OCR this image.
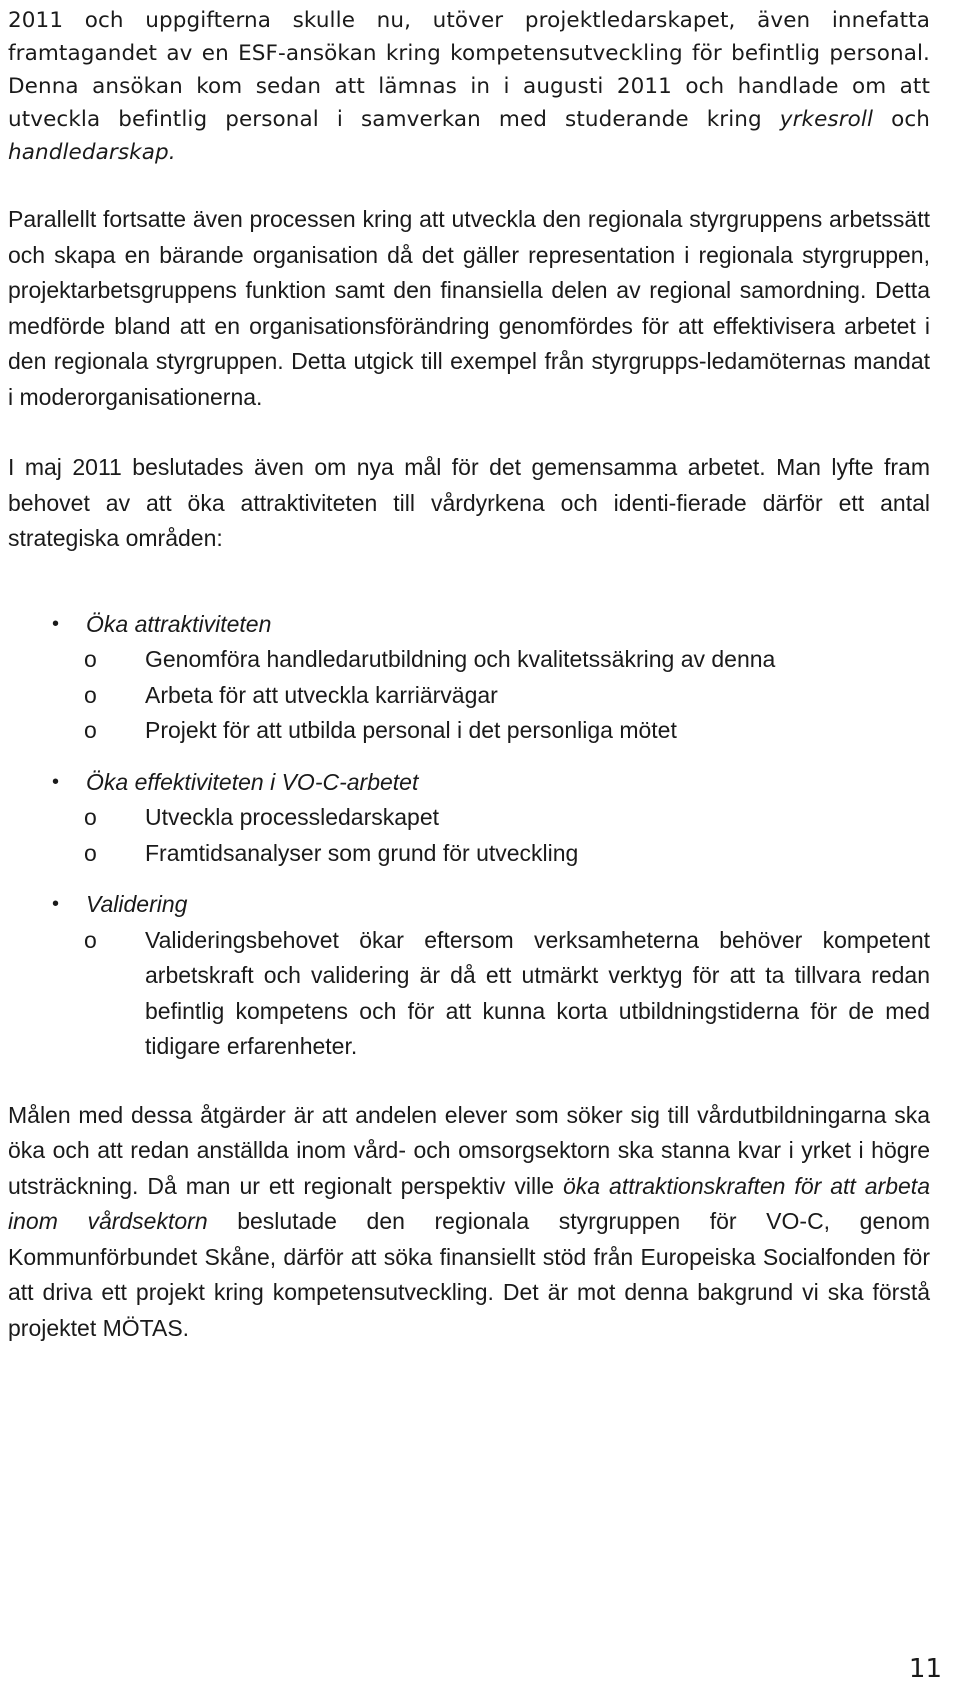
2011 och uppgifterna skulle nu, utöver projektledarskapet, även innefatta framtagandet av en ESF-ansökan kring kompetensutveckling för befintlig personal. Denna ansökan kom sedan att lämnas in i augusti 2011 och handlade om att utveckla befintlig personal i samverkan med studerande kring yrkesroll och handledarskap.

Parallellt fortsatte även processen kring att utveckla den regionala styrgruppens arbetssätt och skapa en bärande organisation då det gäller representation i regionala styrgruppen, projektarbetsgruppens funktion samt den finansiella delen av regional samordning. Detta medförde bland att en organisationsförändring genomfördes för att effektivisera arbetet i den regionala styrgruppen. Detta utgick till exempel från styrgrupps-ledamöternas mandat i moderorganisationerna.

I maj 2011 beslutades även om nya mål för det gemensamma arbetet. Man lyfte fram behovet av att öka attraktiviteten till vårdyrkena och identi-fierade därför ett antal strategiska områden:

• Öka attraktiviteten
o Genomföra handledarutbildning och kvalitetssäkring av denna
o Arbeta för att utveckla karriärvägar
o Projekt för att utbilda personal i det personliga mötet
• Öka effektiviteten i VO-C-arbetet
o Utveckla processledarskapet
o Framtidsanalyser som grund för utveckling
• Validering
o Valideringsbehovet ökar eftersom verksamheterna behöver kompetent arbetskraft och validering är då ett utmärkt verktyg för att ta tillvara redan befintlig kompetens och för att kunna korta utbildningstiderna för de med tidigare erfarenheter.

Målen med dessa åtgärder är att andelen elever som söker sig till vårdutbildningarna ska öka och att redan anställda inom vård- och omsorgsektorn ska stanna kvar i yrket i högre utsträckning. Då man ur ett regionalt perspektiv ville öka attraktionskraften för att arbeta inom vårdsektorn beslutade den regionala styrgruppen för VO-C, genom Kommunförbundet Skåne, därför att söka finansiellt stöd från Europeiska Socialfonden för att driva ett projekt kring kompetensutveckling. Det är mot denna bakgrund vi ska förstå projektet MÖTAS.

11
